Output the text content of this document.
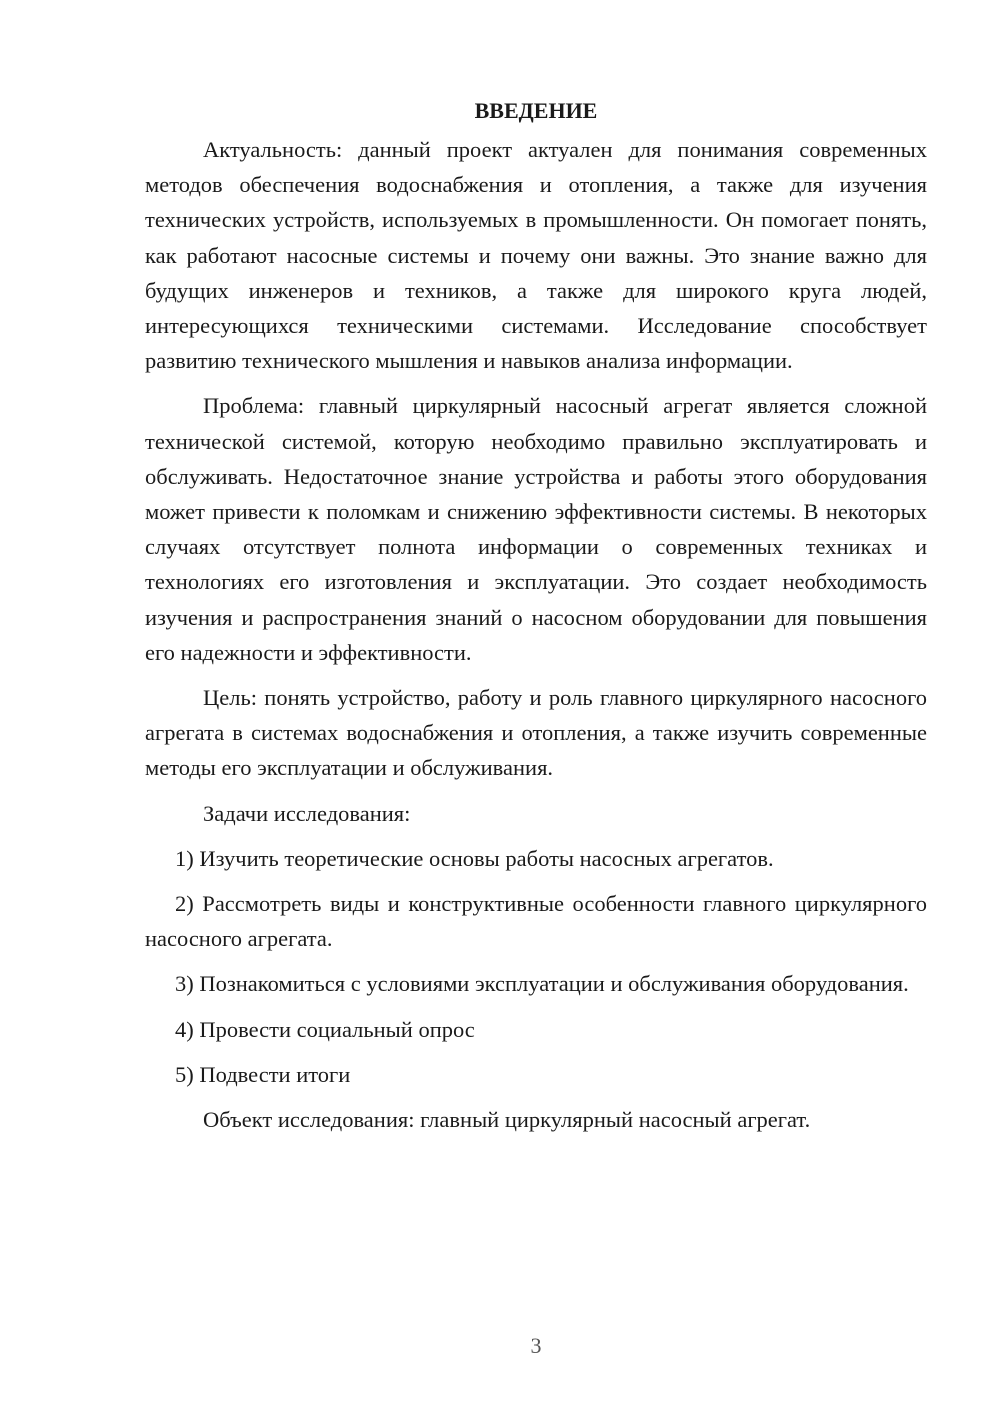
ВВЕДЕНИЕ

Актуальность: данный проект актуален для понимания современных методов обеспечения водоснабжения и отопления, а также для изучения технических устройств, используемых в промышленности. Он помогает понять, как работают насосные системы и почему они важны. Это знание важно для будущих инженеров и техников, а также для широкого круга людей, интересующихся техническими системами. Исследование способствует развитию технического мышления и навыков анализа информации.

Проблема: главный циркулярный насосный агрегат является сложной технической системой, которую необходимо правильно эксплуатировать и обслуживать. Недостаточное знание устройства и работы этого оборудования может привести к поломкам и снижению эффективности системы. В некоторых случаях отсутствует полнота информации о современных техниках и технологиях его изготовления и эксплуатации. Это создает необходимость изучения и распространения знаний о насосном оборудовании для повышения его надежности и эффективности.

Цель: понять устройство, работу и роль главного циркулярного насосного агрегата в системах водоснабжения и отопления, а также изучить современные методы его эксплуатации и обслуживания.

Задачи исследования:

1) Изучить теоретические основы работы насосных агрегатов.

2) Рассмотреть виды и конструктивные особенности главного циркулярного насосного агрегата.

3) Познакомиться с условиями эксплуатации и обслуживания оборудования.

4) Провести социальный опрос

5) Подвести итоги

Объект исследования: главный циркулярный насосный агрегат.

3
